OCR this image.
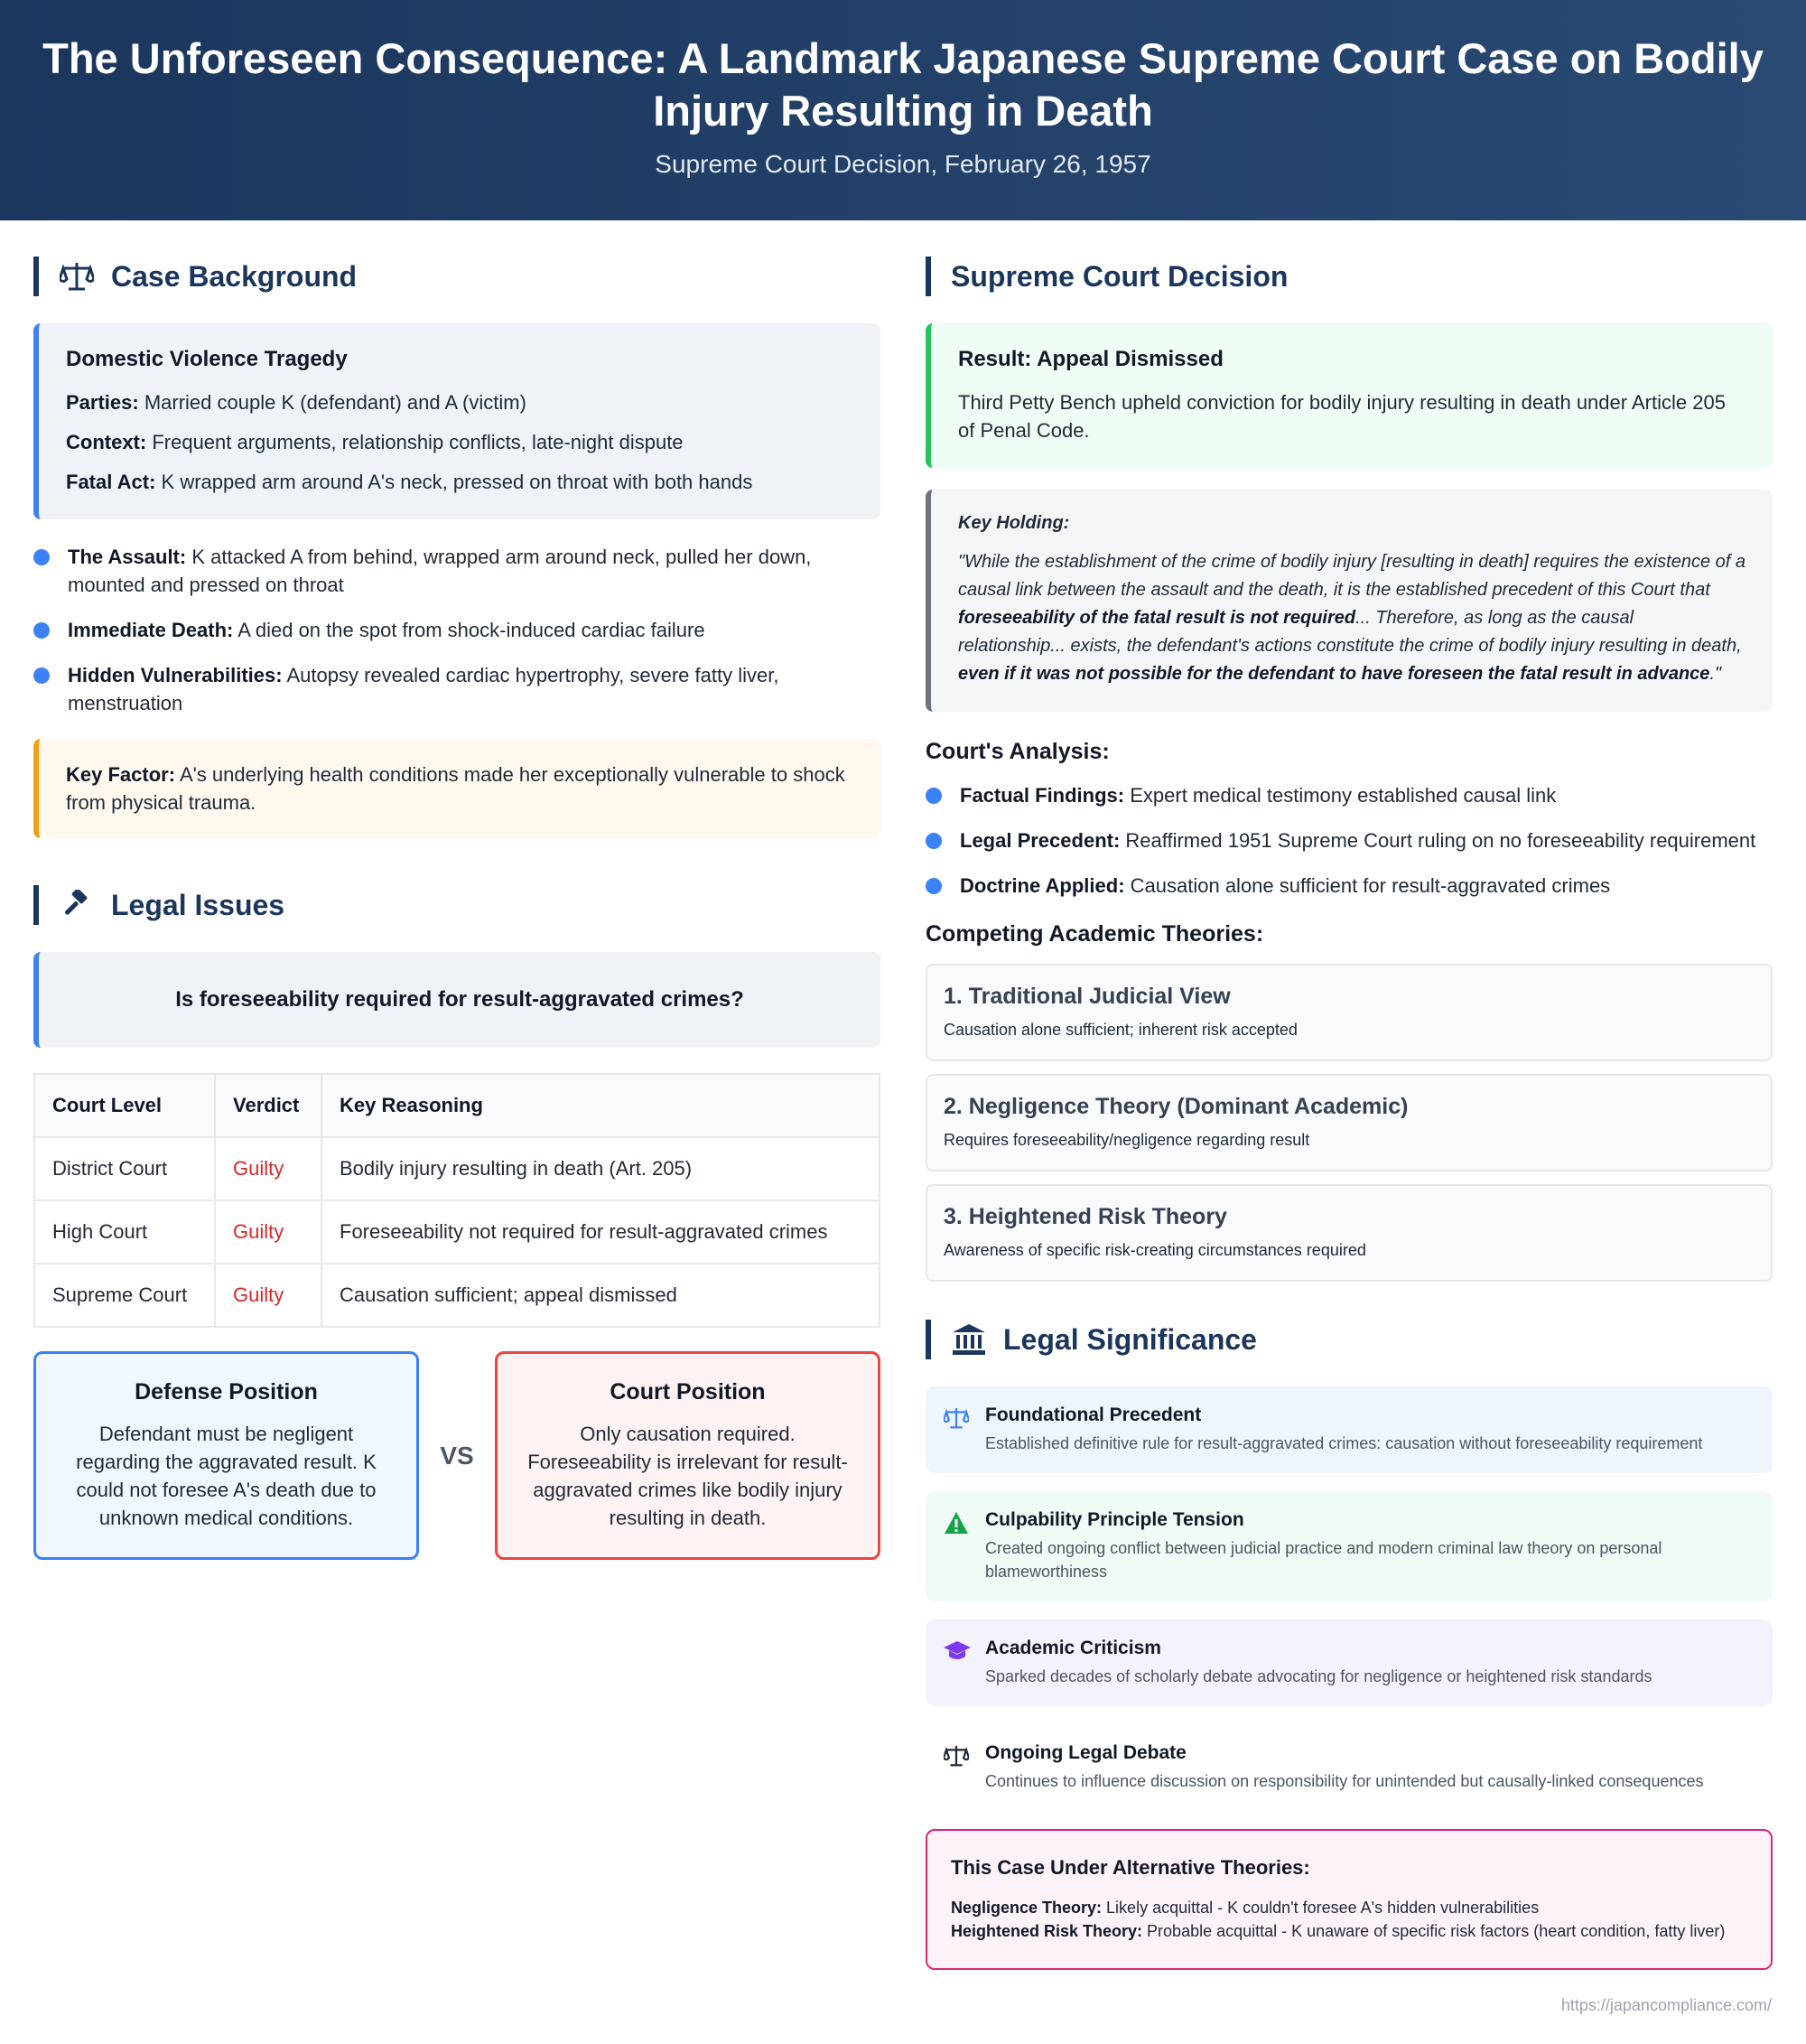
The Unforeseen Consequence: A Landmark Japanese Supreme Court Case on Bodily Injury Resulting in Death
Supreme Court Decision, February 26, 1957
Case Background
Domestic Violence Tragedy

Parties: Married couple K (defendant) and A (victim)

Context: Frequent arguments, relationship conflicts, late-night dispute

Fatal Act: K wrapped arm around A's neck, pressed on throat with both hands

The Assault: K attacked A from behind, wrapped arm around neck, pulled her down, mounted and pressed on throat
Immediate Death: A died on the spot from shock-induced cardiac failure
Hidden Vulnerabilities: Autopsy revealed cardiac hypertrophy, severe fatty liver, menstruation
Key Factor: A's underlying health conditions made her exceptionally vulnerable to shock from physical trauma.
Legal Issues
Is foreseeability required for result-aggravated crimes?
Court Level	Verdict	Key Reasoning
District Court	Guilty	Bodily injury resulting in death (Art. 205)
High Court	Guilty	Foreseeability not required for result-aggravated crimes
Supreme Court	Guilty	Causation sufficient; appeal dismissed
Defense Position

Defendant must be negligent regarding the aggravated result. K could not foresee A's death due to unknown medical conditions.

VS
Court Position

Only causation required. Foreseeability is irrelevant for result-aggravated crimes like bodily injury resulting in death.

Supreme Court Decision
Result: Appeal Dismissed

Third Petty Bench upheld conviction for bodily injury resulting in death under Article 205 of Penal Code.

Key Holding:
"While the establishment of the crime of bodily injury [resulting in death] requires the existence of a causal link between the assault and the death, it is the established precedent of this Court that foreseeability of the fatal result is not required... Therefore, as long as the causal relationship... exists, the defendant's actions constitute the crime of bodily injury resulting in death, even if it was not possible for the defendant to have foreseen the fatal result in advance."
Court's Analysis:
Factual Findings: Expert medical testimony established causal link
Legal Precedent: Reaffirmed 1951 Supreme Court ruling on no foreseeability requirement
Doctrine Applied: Causation alone sufficient for result-aggravated crimes
Competing Academic Theories:
1. Traditional Judicial View

Causation alone sufficient; inherent risk accepted

2. Negligence Theory (Dominant Academic)

Requires foreseeability/negligence regarding result

3. Heightened Risk Theory

Awareness of specific risk-creating circumstances required

Legal Significance
Foundational Precedent

Established definitive rule for result-aggravated crimes: causation without foreseeability requirement

Culpability Principle Tension

Created ongoing conflict between judicial practice and modern criminal law theory on personal blameworthiness

Academic Criticism

Sparked decades of scholarly debate advocating for negligence or heightened risk standards

Ongoing Legal Debate

Continues to influence discussion on responsibility for unintended but causally-linked consequences

This Case Under Alternative Theories:

Negligence Theory: Likely acquittal - K couldn't foresee A's hidden vulnerabilities

Heightened Risk Theory: Probable acquittal - K unaware of specific risk factors (heart condition, fatty liver)

https://japancompliance.com/
